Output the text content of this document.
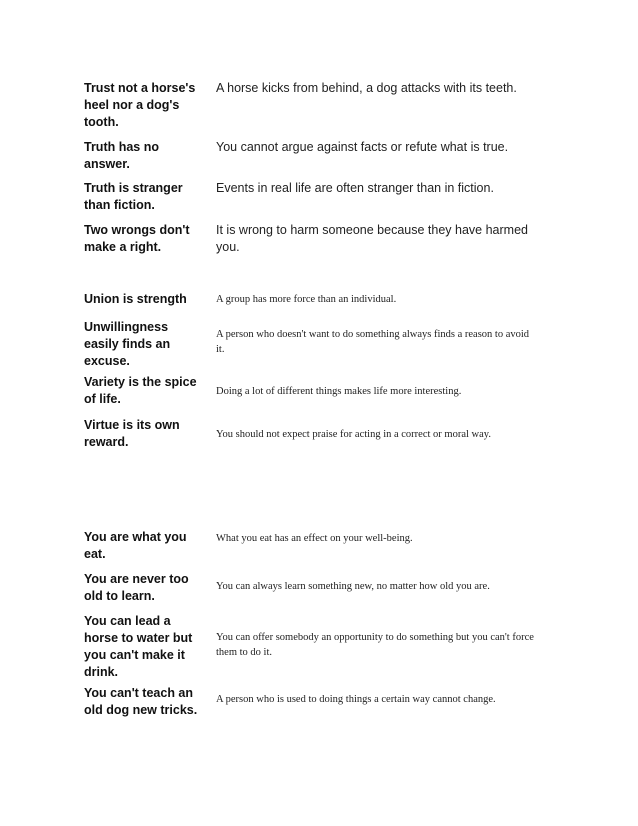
Trust not a horse's heel nor a dog's tooth.

A horse kicks from behind, a dog attacks with its teeth.

Truth has no answer.

You cannot argue against facts or refute what is true.

Truth is stranger than fiction.

Events in real life are often stranger than in fiction.

Two wrongs don't make a right.

It is wrong to harm someone because they have harmed you.

Union is strength	A group has more force than an individual.

Unwillingness easily finds an excuse.

A person who doesn't want to do something always finds a reason to avoid it.

Variety is the spice of life.

Doing a lot of different things makes life more interesting.

Virtue is its own reward.

You should not expect praise for acting in a correct or moral way.

You are what you eat.

What you eat has an effect on your well-being.

You are never too old to learn.

You can always learn something new, no matter how old you are.

You can lead a horse to water but you can't make it drink.

You can offer somebody an opportunity to do something but you can't force them to do it.

You can't teach an old dog new tricks.

A person who is used to doing things a certain way cannot change.
